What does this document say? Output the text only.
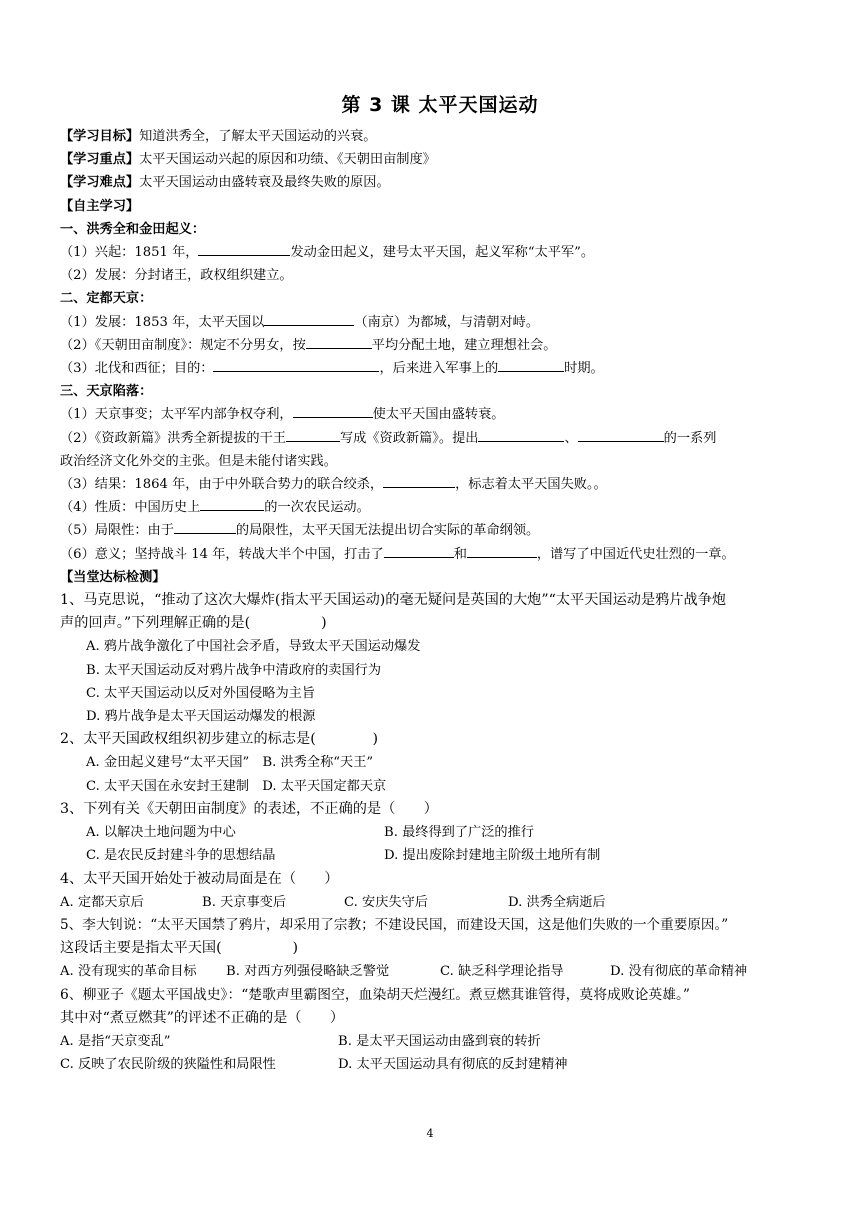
第 3 课 太平天国运动
【学习目标】知道洪秀全，了解太平天国运动的兴衰。
【学习重点】太平天国运动兴起的原因和功绩、《天朝田亩制度》
【学习难点】太平天国运动由盛转衰及最终失败的原因。
【自主学习】
一、洪秀全和金田起义：
（1）兴起：1851 年，	发动金田起义，建号太平天国，起义军称“太平军”。
（2）发展：分封诸王，政权组织建立。
二、定都天京：
（1）发展：1853 年，太平天国以	（南京）为都城，与清朝对峙。
（2）《天朝田亩制度》：规定不分男女，按	平均分配土地，建立理想社会。
（3）北伐和西征；目的：	，后来进入军事上的	时期。
三、天京陷落：
（1）天京事变；太平军内部争权夺利，	使太平天国由盛转衰。
（2）《资政新篇》洪秀全新提拔的干王	写成《资政新篇》。提出	、	的一系列
政治经济文化外交的主张。但是未能付诸实践。
（3）结果：1864 年，由于中外联合势力的联合绞杀，	，标志着太平天国失败。。
（4）性质：中国历史上	的一次农民运动。
（5）局限性：由于	的局限性，太平天国无法提出切合实际的革命纲领。
（6）意义；坚持战斗 14 年，转战大半个中国，打击了	和	，谱写了中国近代史壮烈的一章。
【当堂达标检测】
1、马克思说，“推动了这次大爆炸(指太平天国运动)的毫无疑问是英国的大炮”“太平天国运动是鸦片战争炮
声的回声。”下列理解正确的是(　　　　　)
A. 鸦片战争激化了中国社会矛盾，导致太平天国运动爆发
B. 太平天国运动反对鸦片战争中清政府的卖国行为
C. 太平天国运动以反对外国侵略为主旨
D. 鸦片战争是太平天国运动爆发的根源
2、太平天国政权组织初步建立的标志是(　　　　)
A. 金田起义建号“太平天国”　B. 洪秀全称“天王”
C. 太平天国在永安封王建制　D. 太平天国定都天京
3、下列有关《天朝田亩制度》的表述，不正确的是（　　）
A. 以解决土地问题为中心	B. 最终得到了广泛的推行
C. 是农民反封建斗争的思想结晶	D. 提出废除封建地主阶级土地所有制
4、太平天国开始处于被动局面是在（　　）
A. 定都天京后	B. 天京事变后	C. 安庆失守后	D. 洪秀全病逝后
5、李大钊说：“太平天国禁了鸦片，却采用了宗教；不建设民国，而建设天国，这是他们失败的一个重要原因。”
这段话主要是指太平天国(　　　　　)
A. 没有现实的革命目标	B. 对西方列强侵略缺乏警觉	C. 缺乏科学理论指导	D. 没有彻底的革命精神
6、柳亚子《题太平国战史》：“楚歌声里霸图空，血染胡天烂漫红。煮豆燃萁谁管得，莫将成败论英雄。”
其中对“煮豆燃萁”的评述不正确的是（　　）
A. 是指“天京变乱”	B. 是太平天国运动由盛到衰的转折
C. 反映了农民阶级的狭隘性和局限性	D. 太平天国运动具有彻底的反封建精神
4
